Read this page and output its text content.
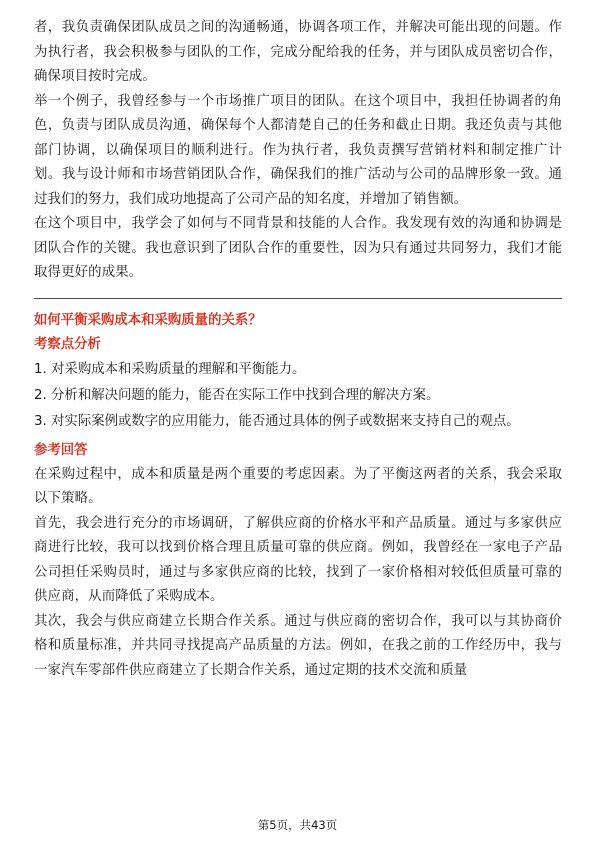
者，我负责确保团队成员之间的沟通畅通，协调各项工作，并解决可能出现的问题。作为执行者，我会积极参与团队的工作，完成分配给我的任务，并与团队成员密切合作，确保项目按时完成。

举一个例子，我曾经参与一个市场推广项目的团队。在这个项目中，我担任协调者的角色，负责与团队成员沟通，确保每个人都清楚自己的任务和截止日期。我还负责与其他部门协调，以确保项目的顺利进行。作为执行者，我负责撰写营销材料和制定推广计划。我与设计师和市场营销团队合作，确保我们的推广活动与公司的品牌形象一致。通过我们的努力，我们成功地提高了公司产品的知名度，并增加了销售额。

在这个项目中，我学会了如何与不同背景和技能的人合作。我发现有效的沟通和协调是团队合作的关键。我也意识到了团队合作的重要性，因为只有通过共同努力，我们才能取得更好的成果。

如何平衡采购成本和采购质量的关系？

考察点分析

1. 对采购成本和采购质量的理解和平衡能力。

2. 分析和解决问题的能力，能否在实际工作中找到合理的解决方案。

3. 对实际案例或数字的应用能力，能否通过具体的例子或数据来支持自己的观点。

参考回答

在采购过程中，成本和质量是两个重要的考虑因素。为了平衡这两者的关系，我会采取以下策略。

首先，我会进行充分的市场调研，了解供应商的价格水平和产品质量。通过与多家供应商进行比较，我可以找到价格合理且质量可靠的供应商。例如，我曾经在一家电子产品公司担任采购员时，通过与多家供应商的比较，找到了一家价格相对较低但质量可靠的供应商，从而降低了采购成本。

其次，我会与供应商建立长期合作关系。通过与供应商的密切合作，我可以与其协商价格和质量标准，并共同寻找提高产品质量的方法。例如，在我之前的工作经历中，我与一家汽车零部件供应商建立了长期合作关系，通过定期的技术交流和质量

第5页，共43页
